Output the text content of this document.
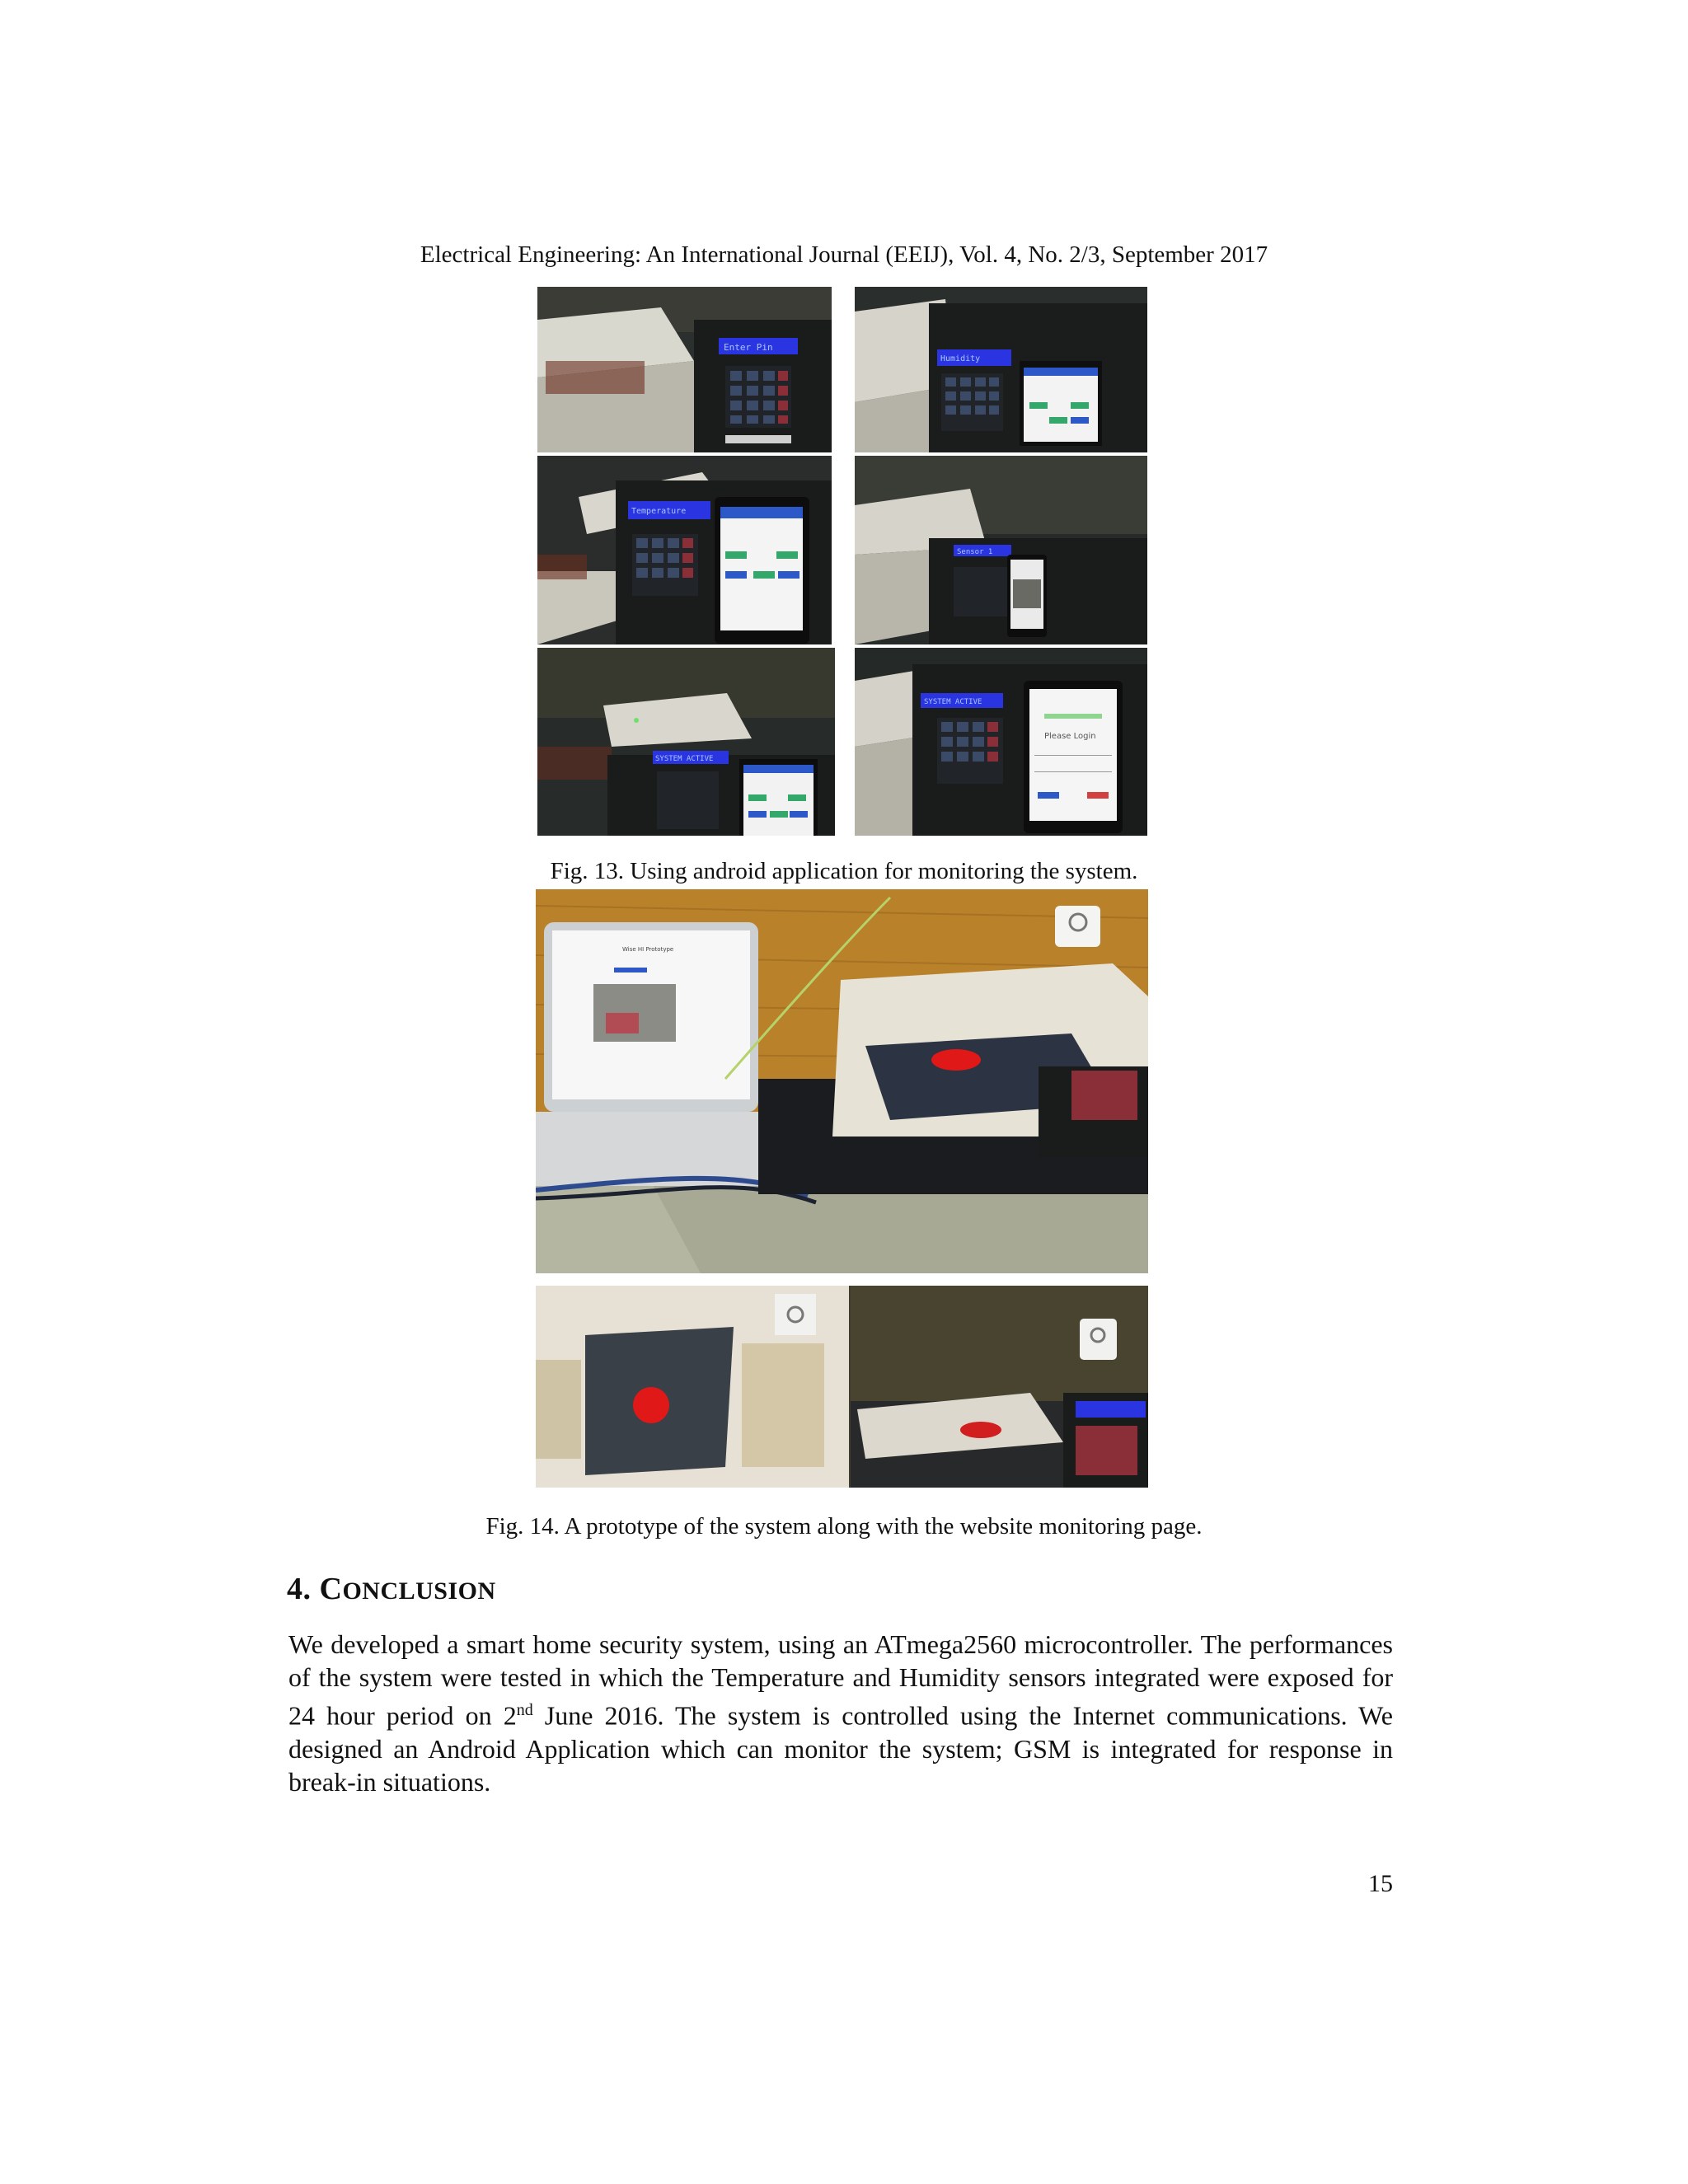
Electrical Engineering: An International Journal (EEIJ), Vol. 4, No. 2/3, September 2017
Enter Pin
Humidity
Temperature
Sensor 1
SYSTEM ACTIVE
SYSTEM ACTIVE
Please Login
Fig. 13. Using android application for monitoring the system.
Wise HI Prototype
Fig. 14. A prototype of the system along with the website monitoring page.
4. CONCLUSION
We developed a smart home security system, using an ATmega2560 microcontroller. The performances of the system were tested in which the Temperature and Humidity sensors integrated were exposed for 24 hour period on 2nd June 2016. The system is controlled using the Internet communications. We designed an Android Application which can monitor the system; GSM is integrated for response in break-in situations.
15
